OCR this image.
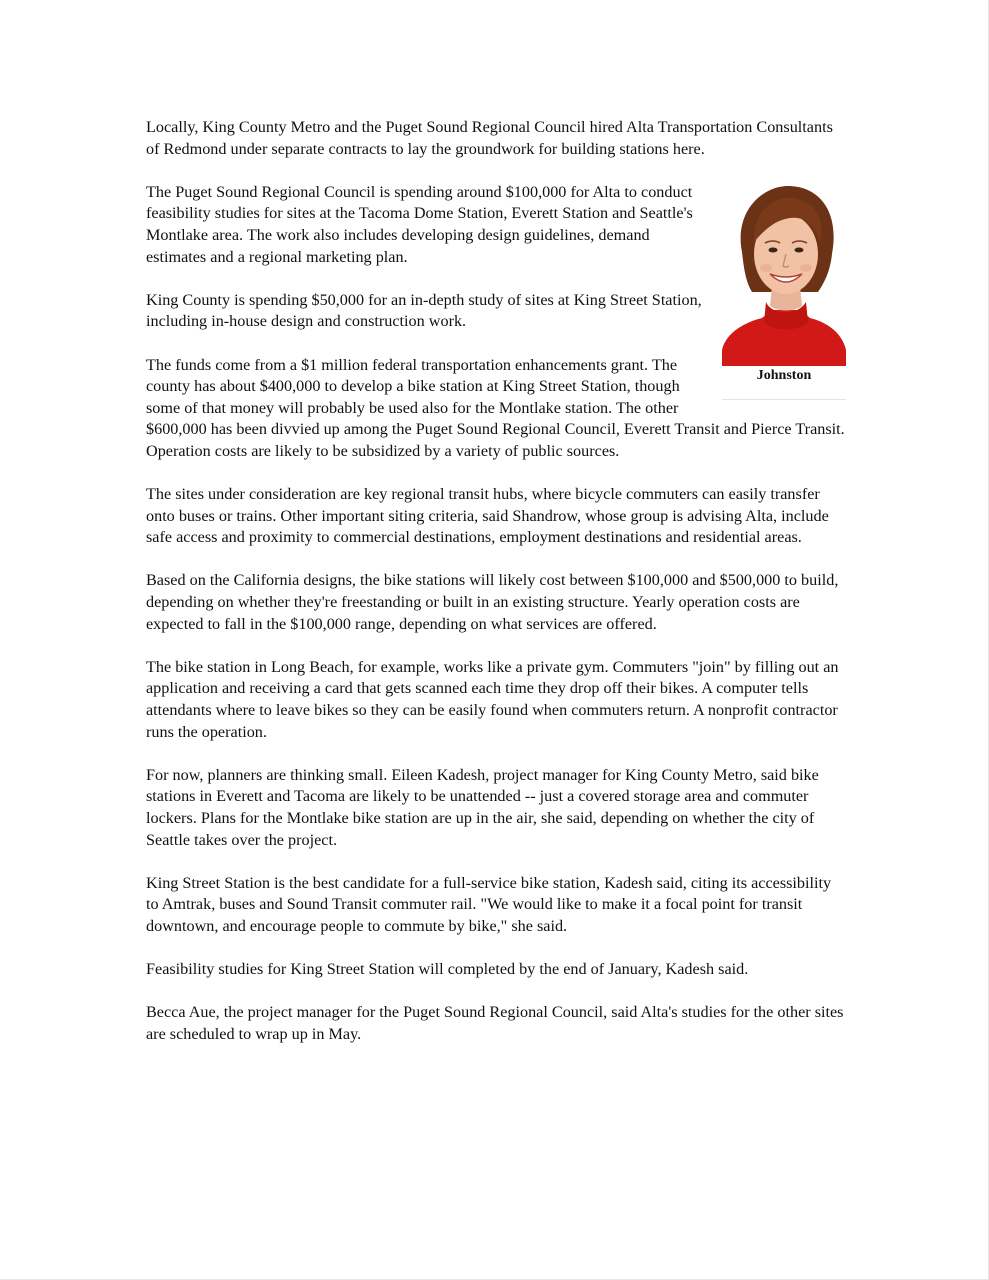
Locally, King County Metro and the Puget Sound Regional Council hired Alta Transportation Consultants of Redmond under separate contracts to lay the groundwork for building stations here.

Johnston

The Puget Sound Regional Council is spending around $100,000 for Alta to conduct feasibility studies for sites at the Tacoma Dome Station, Everett Station and Seattle's Montlake area. The work also includes developing design guidelines, demand estimates and a regional marketing plan.

King County is spending $50,000 for an in-depth study of sites at King Street Station, including in-house design and construction work.

The funds come from a $1 million federal transportation enhancements grant. The county has about $400,000 to develop a bike station at King Street Station, though some of that money will probably be used also for the Montlake station. The other $600,000 has been divvied up among the Puget Sound Regional Council, Everett Transit and Pierce Transit. Operation costs are likely to be subsidized by a variety of public sources.

The sites under consideration are key regional transit hubs, where bicycle commuters can easily transfer onto buses or trains. Other important siting criteria, said Shandrow, whose group is advising Alta, include safe access and proximity to commercial destinations, employment destinations and residential areas.

Based on the California designs, the bike stations will likely cost between $100,000 and $500,000 to build, depending on whether they're freestanding or built in an existing structure. Yearly operation costs are expected to fall in the $100,000 range, depending on what services are offered.

The bike station in Long Beach, for example, works like a private gym. Commuters "join" by filling out an application and receiving a card that gets scanned each time they drop off their bikes. A computer tells attendants where to leave bikes so they can be easily found when commuters return. A nonprofit contractor runs the operation.

For now, planners are thinking small. Eileen Kadesh, project manager for King County Metro, said bike stations in Everett and Tacoma are likely to be unattended -- just a covered storage area and commuter lockers. Plans for the Montlake bike station are up in the air, she said, depending on whether the city of Seattle takes over the project.

King Street Station is the best candidate for a full-service bike station, Kadesh said, citing its accessibility to Amtrak, buses and Sound Transit commuter rail. "We would like to make it a focal point for transit downtown, and encourage people to commute by bike," she said.

Feasibility studies for King Street Station will completed by the end of January, Kadesh said.

Becca Aue, the project manager for the Puget Sound Regional Council, said Alta's studies for the other sites are scheduled to wrap up in May.
